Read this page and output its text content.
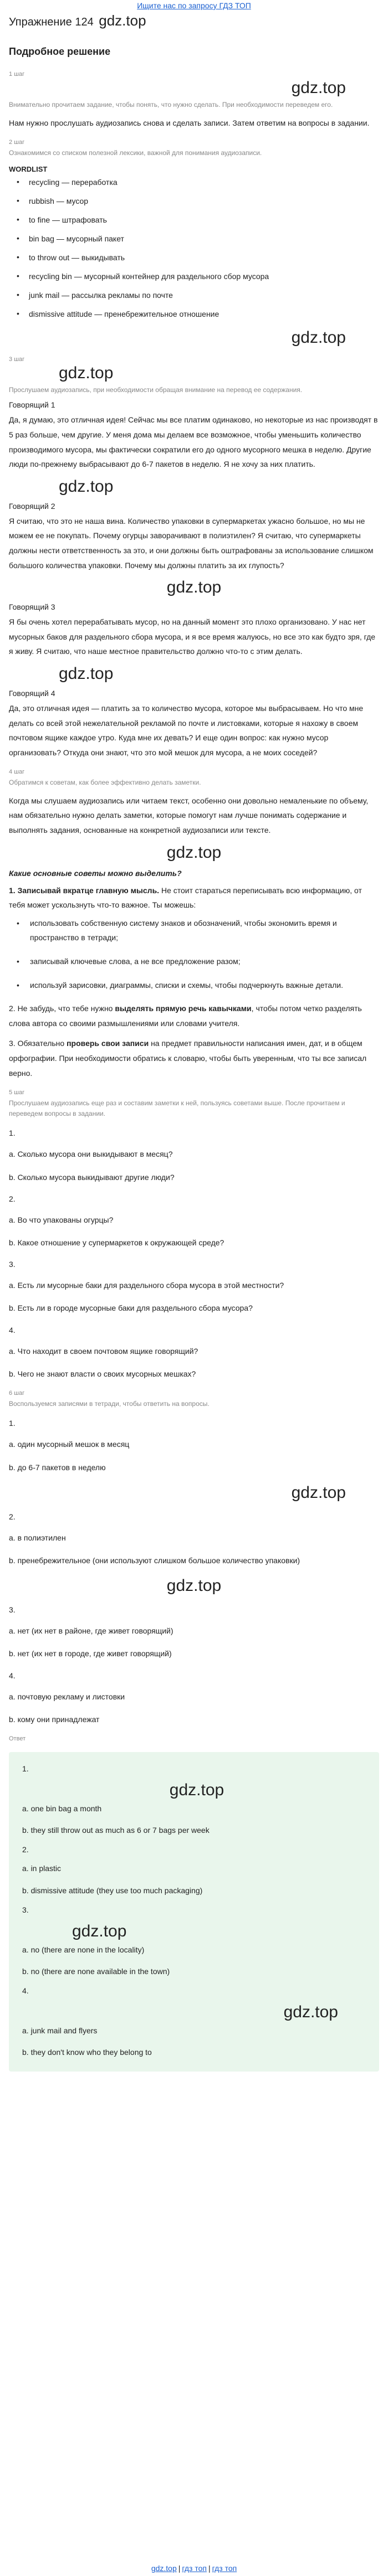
Ищите нас по запросу ГДЗ ТОП
Упражнение 124 gdz.top
Подробное решение
1 шаг
gdz.top
Внимательно прочитаем задание, чтобы понять, что нужно сделать. При необходимости переведем его.
Нам нужно прослушать аудиозапись снова и сделать записи. Затем ответим на вопросы в задании.
2 шаг
Ознакомимся со списком полезной лексики, важной для понимания аудиозаписи.
WORDLIST
• recycling — переработка
• rubbish — мусор
• to fine — штрафовать
• bin bag — мусорный пакет
• to throw out — выкидывать
• recycling bin — мусорный контейнер для раздельного сбор мусора
• junk mail — рассылка рекламы по почте
• dismissive attitude — пренебрежительное отношение
gdz.top
3 шаг
gdz.top
Прослушаем аудиозапись, при необходимости обращая внимание на перевод ее содержания.
Говорящий 1
Да, я думаю, это отличная идея! Сейчас мы все платим одинаково, но некоторые из нас производят в 5 раз больше, чем другие. У меня дома мы делаем все возможное, чтобы уменьшить количество производимого мусора, мы фактически сократили его до одного мусорного мешка в неделю. Другие люди по-прежнему выбрасывают до 6-7 пакетов в неделю. Я не хочу за них платить.
gdz.top
Говорящий 2
Я считаю, что это не наша вина. Количество упаковки в супермаркетах ужасно большое, но мы не можем ее не покупать. Почему огурцы заворачивают в полиэтилен? Я считаю, что супермаркеты должны нести ответственность за это, и они должны быть оштрафованы за использование слишком большого количества упаковки. Почему мы должны платить за их глупость?
gdz.top
Говорящий 3
Я бы очень хотел перерабатывать мусор, но на данный момент это плохо организовано. У нас нет мусорных баков для раздельного сбора мусора, и я все время жалуюсь, но все это как будто зря, где я живу. Я считаю, что наше местное правительство должно что-то с этим делать.
gdz.top
Говорящий 4
Да, это отличная идея — платить за то количество мусора, которое мы выбрасываем. Но что мне делать со всей этой нежелательной рекламой по почте и листовками, которые я нахожу в своем почтовом ящике каждое утро. Куда мне их девать? И еще один вопрос: как нужно мусор организовать? Откуда они знают, что это мой мешок для мусора, а не моих соседей?
4 шаг
Обратимся к советам, как более эффективно делать заметки.
Когда мы слушаем аудиозапись или читаем текст, особенно они довольно немаленькие по объему, нам обязательно нужно делать заметки, которые помогут нам лучше понимать содержание и выполнять задания, основанные на конкретной аудиозаписи или тексте.
gdz.top
Какие основные советы можно выделить?
1. Записывай вкратце главную мысль. Не стоит стараться переписывать всю информацию, от тебя может ускользнуть что-то важное. Ты можешь:
• использовать собственную систему знаков и обозначений, чтобы экономить время и пространство в тетради;
• записывай ключевые слова, а не все предложение разом;
• используй зарисовки, диаграммы, списки и схемы, чтобы подчеркнуть важные детали.
2. Не забудь, что тебе нужно выделять прямую речь кавычками, чтобы потом четко разделять слова автора со своими размышлениями или словами учителя.
3. Обязательно проверь свои записи на предмет правильности написания имен, дат, и в общем орфографии. При необходимости обратись к словарю, чтобы быть уверенным, что ты все записал верно.
5 шаг
Прослушаем аудиозапись еще раз и составим заметки к ней, пользуясь советами выше. После прочитаем и переведем вопросы в задании.
1.
a. Сколько мусора они выкидывают в месяц?
b. Сколько мусора выкидывают другие люди?
2.
a. Во что упакованы огурцы?
b. Какое отношение у супермаркетов к окружающей среде?
3.
a. Есть ли мусорные баки для раздельного сбора мусора в этой местности?
b. Есть ли в городе мусорные баки для раздельного сбора мусора?
4.
a. Что находит в своем почтовом ящике говорящий?
b. Чего не знают власти о своих мусорных мешках?
6 шаг
Воспользуемся записями в тетради, чтобы ответить на вопросы.
1.
a. один мусорный мешок в месяц
b. до 6-7 пакетов в неделю
gdz.top
2.
a. в полиэтилен
b. пренебрежительное (они используют слишком большое количество упаковки)
gdz.top
3.
a. нет (их нет в районе, где живет говорящий)
b. нет (их нет в городе, где живет говорящий)
4.
a. почтовую рекламу и листовки
b. кому они принадлежат
Ответ
1.
gdz.top
a. one bin bag a month
b. they still throw out as much as 6 or 7 bags per week
2.
a. in plastic
b. dismissive attitude (they use too much packaging)
3.
gdz.top
a. no (there are none in the locality)
b. no (there are none available in the town)
4.
gdz.top
a. junk mail and flyers
b. they don't know who they belong to
gdz.top | гдз топ | гдз топ
